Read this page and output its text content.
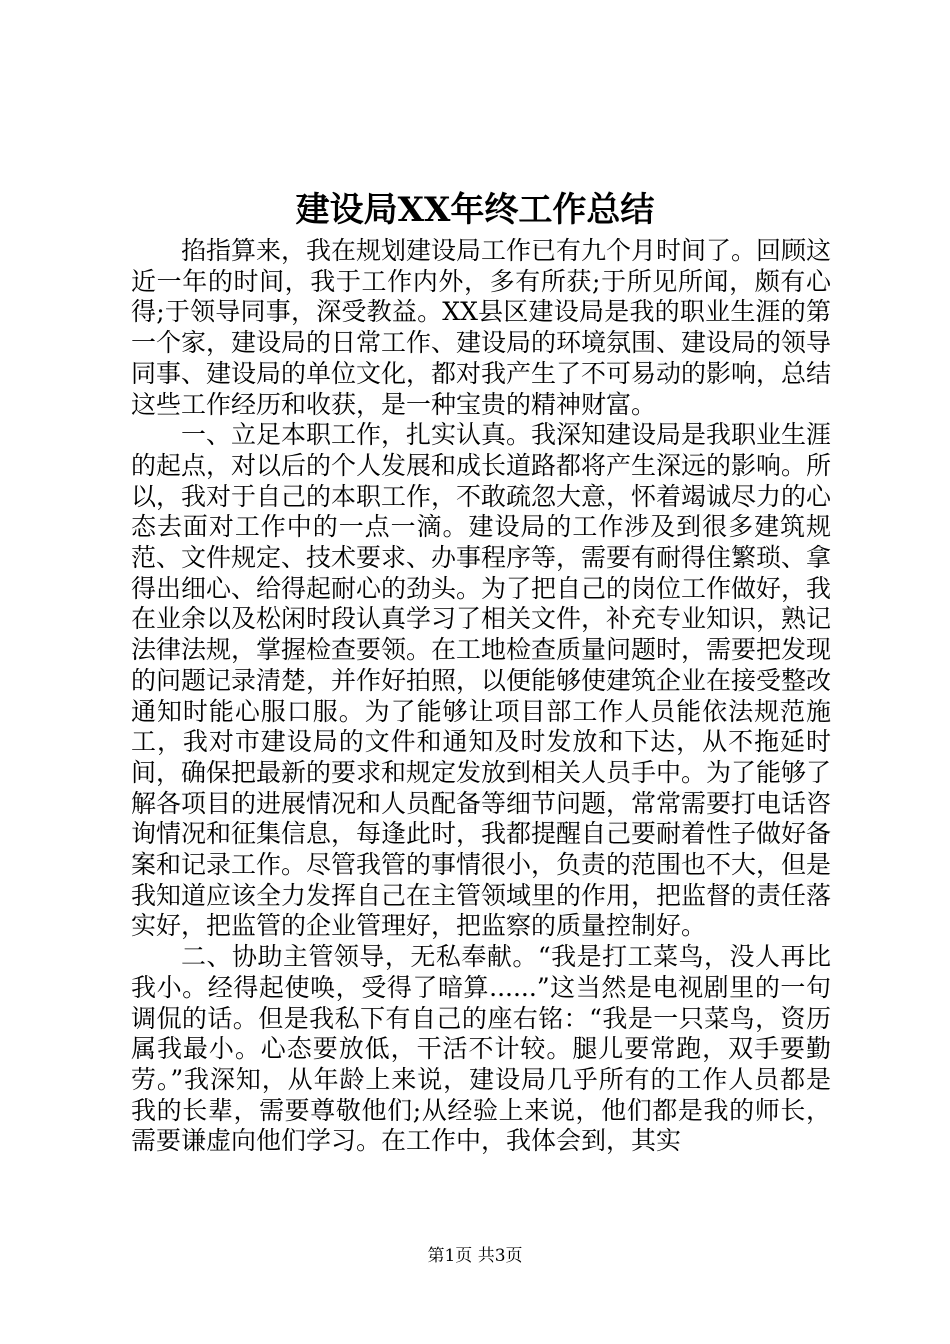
建设局XX年终工作总结

掐指算来，我在规划建设局工作已有九个月时间了。回顾这近一年的时间，我于工作内外，多有所获;于所见所闻，颇有心得;于领导同事，深受教益。XX县区建设局是我的职业生涯的第一个家，建设局的日常工作、建设局的环境氛围、建设局的领导同事、建设局的单位文化，都对我产生了不可易动的影响，总结这些工作经历和收获，是一种宝贵的精神财富。

一、立足本职工作，扎实认真。我深知建设局是我职业生涯的起点，对以后的个人发展和成长道路都将产生深远的影响。所以，我对于自己的本职工作，不敢疏忽大意，怀着竭诚尽力的心态去面对工作中的一点一滴。建设局的工作涉及到很多建筑规范、文件规定、技术要求、办事程序等，需要有耐得住繁琐、拿得出细心、给得起耐心的劲头。为了把自己的岗位工作做好，我在业余以及松闲时段认真学习了相关文件，补充专业知识，熟记法律法规，掌握检查要领。在工地检查质量问题时，需要把发现的问题记录清楚，并作好拍照，以便能够使建筑企业在接受整改通知时能心服口服。为了能够让项目部工作人员能依法规范施工，我对市建设局的文件和通知及时发放和下达，从不拖延时间，确保把最新的要求和规定发放到相关人员手中。为了能够了解各项目的进展情况和人员配备等细节问题，常常需要打电话咨询情况和征集信息，每逢此时，我都提醒自己要耐着性子做好备案和记录工作。尽管我管的事情很小，负责的范围也不大，但是我知道应该全力发挥自己在主管领域里的作用，把监督的责任落实好，把监管的企业管理好，把监察的质量控制好。

二、协助主管领导，无私奉献。“我是打工菜鸟，没人再比我小。经得起使唤，受得了暗算......”这当然是电视剧里的一句调侃的话。但是我私下有自己的座右铭：“我是一只菜鸟，资历属我最小。心态要放低，干活不计较。腿儿要常跑，双手要勤劳。”我深知，从年龄上来说，建设局几乎所有的工作人员都是我的长辈，需要尊敬他们;从经验上来说，他们都是我的师长，需要谦虚向他们学习。在工作中，我体会到，其实

第1页 共3页
